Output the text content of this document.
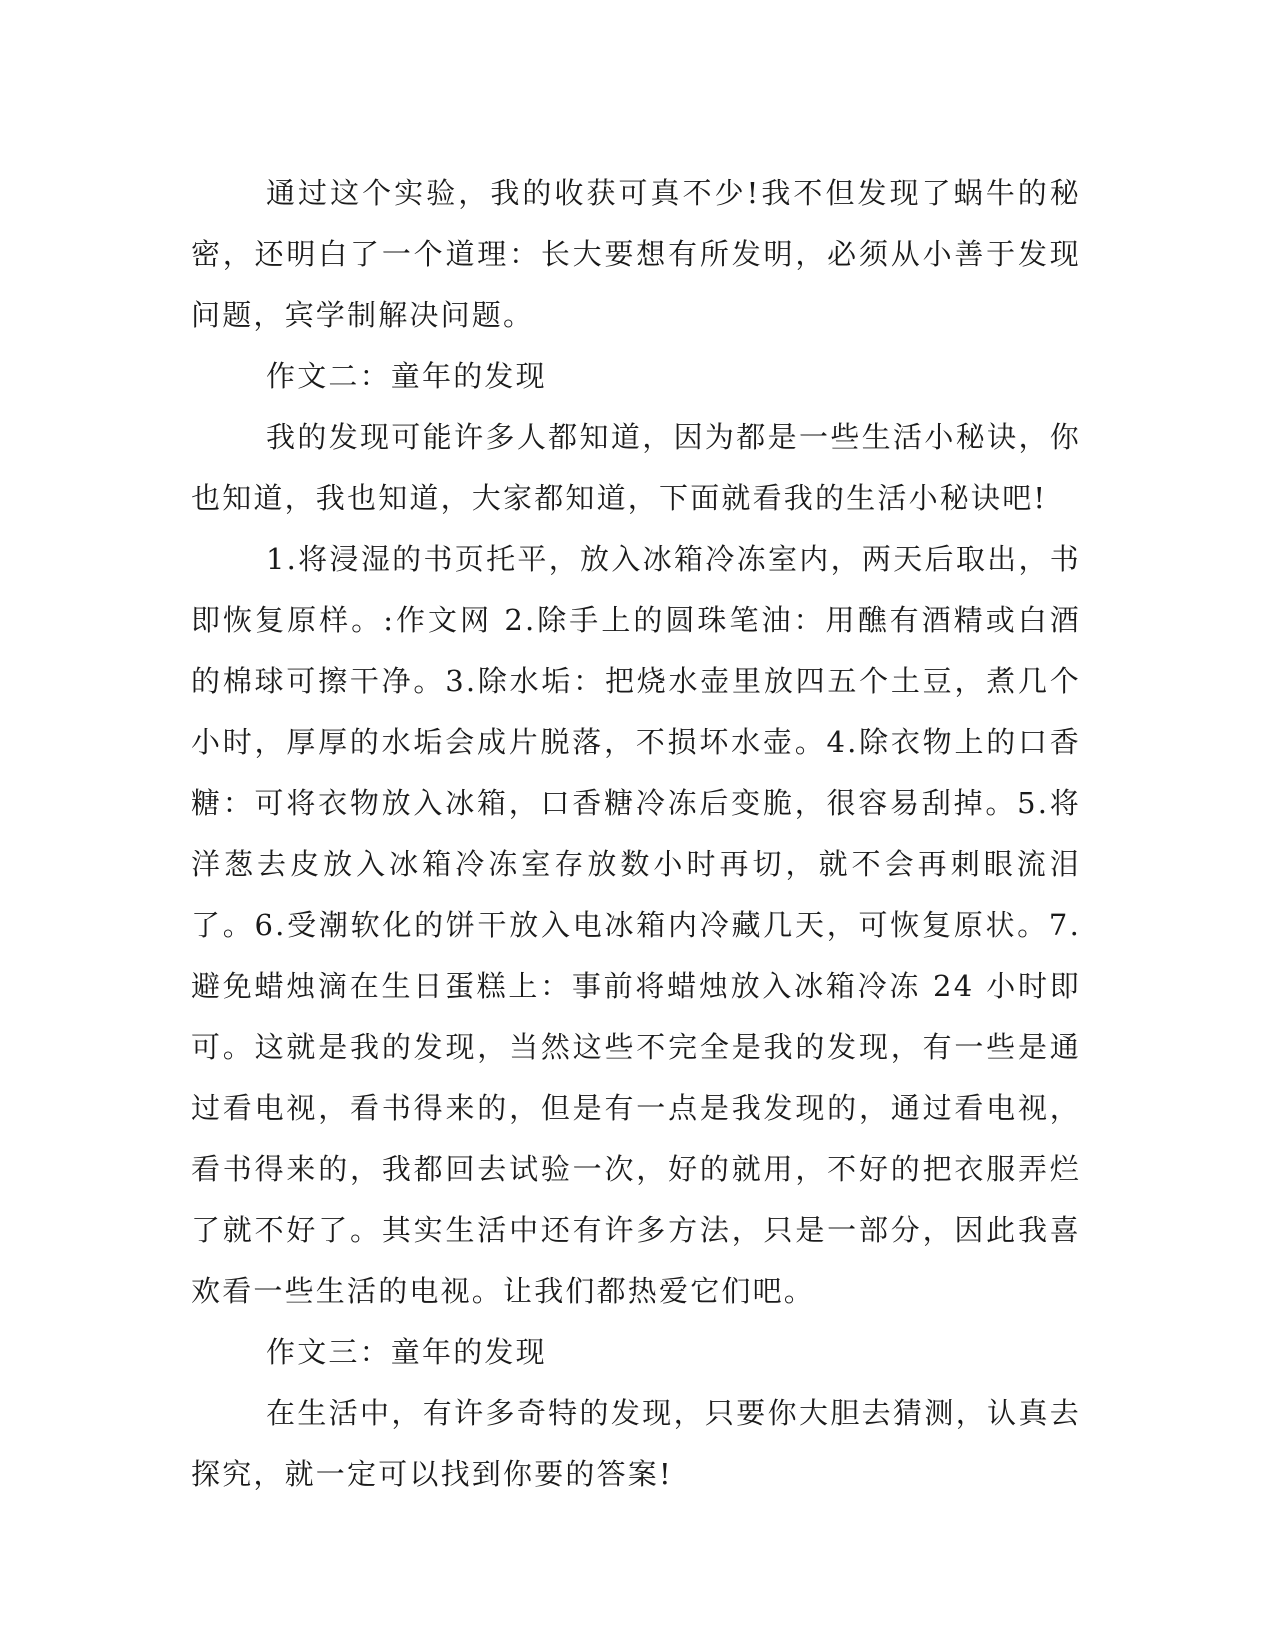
通过这个实验，我的收获可真不少!我不但发现了蜗牛的秘密，还明白了一个道理：长大要想有所发明，必须从小善于发现问题，宾学制解决问题。

作文二：童年的发现

我的发现可能许多人都知道，因为都是一些生活小秘诀，你也知道，我也知道，大家都知道，下面就看我的生活小秘诀吧!

1.将浸湿的书页托平，放入冰箱冷冻室内，两天后取出，书即恢复原样。:作文网 2.除手上的圆珠笔油：用醮有酒精或白酒的棉球可擦干净。3.除水垢：把烧水壶里放四五个土豆，煮几个小时，厚厚的水垢会成片脱落，不损坏水壶。4.除衣物上的口香糖：可将衣物放入冰箱，口香糖冷冻后变脆，很容易刮掉。5.将洋葱去皮放入冰箱冷冻室存放数小时再切，就不会再刺眼流泪了。6.受潮软化的饼干放入电冰箱内冷藏几天，可恢复原状。7.避免蜡烛滴在生日蛋糕上：事前将蜡烛放入冰箱冷冻 24 小时即可。这就是我的发现，当然这些不完全是我的发现，有一些是通过看电视，看书得来的，但是有一点是我发现的，通过看电视，看书得来的，我都回去试验一次，好的就用，不好的把衣服弄烂了就不好了。其实生活中还有许多方法，只是一部分，因此我喜欢看一些生活的电视。让我们都热爱它们吧。

作文三：童年的发现

在生活中，有许多奇特的发现，只要你大胆去猜测，认真去探究，就一定可以找到你要的答案!
